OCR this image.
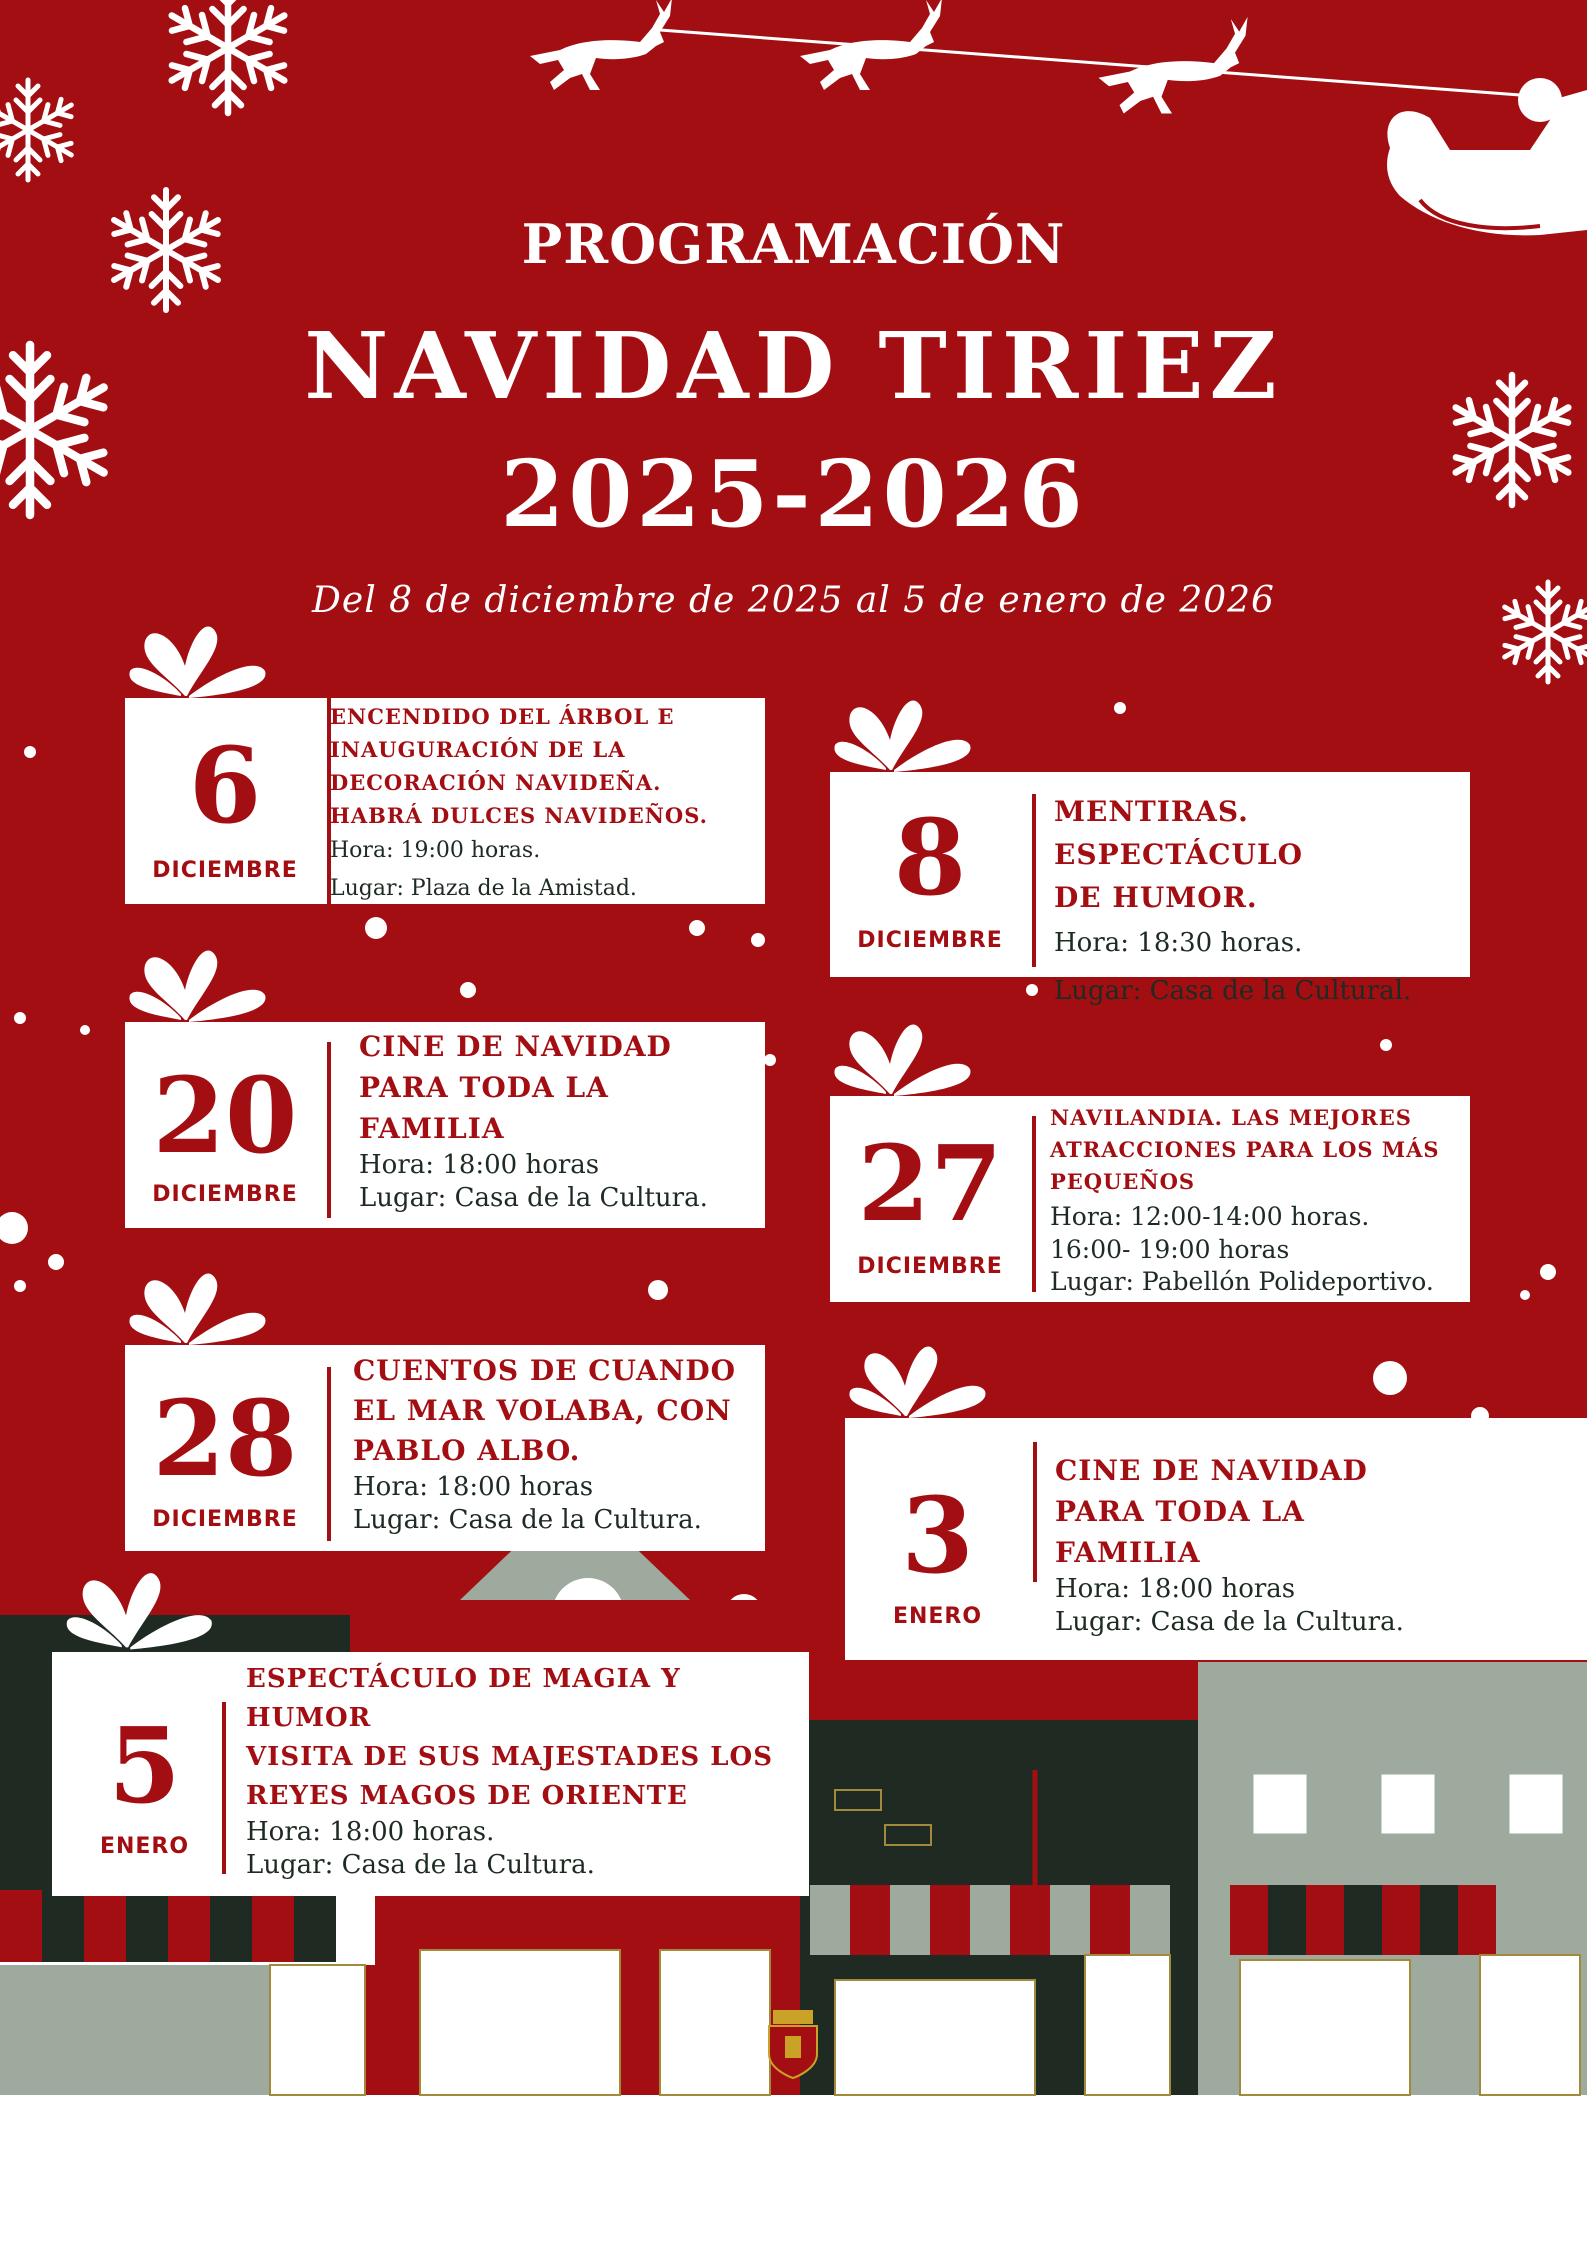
PROGRAMACIÓN

NAVIDAD TIRIEZ

2025-2026

Del 8 de diciembre de 2025 al 5 de enero de 2026

6
DICIEMBRE

ENCENDIDO DEL ÁRBOL E
INAUGURACIÓN DE LA
DECORACIÓN NAVIDEÑA.
HABRÁ DULCES NAVIDEÑOS.

Hora: 19:00 horas.
Lugar: Plaza de la Amistad.	8
DICIEMBRE

MENTIRAS. ESPECTÁCULO
DE HUMOR.

Hora: 18:30 horas.
Lugar: Casa de la Cultural.

20
DICIEMBRE

CINE DE NAVIDAD
PARA TODA LA
FAMILIA

Hora: 18:00 horas
Lugar: Casa de la Cultura.	27
DICIEMBRE

NAVILANDIA. LAS MEJORES
ATRACCIONES PARA LOS MÁS
PEQUEÑOS

Hora: 12:00-14:00 horas.
16:00- 19:00 horas
Lugar: Pabellón Polideportivo.

28
DICIEMBRE

CUENTOS DE CUANDO
EL MAR VOLABA, CON
PABLO ALBO.

Hora: 18:00 horas
Lugar: Casa de la Cultura.	3
ENERO

CINE DE NAVIDAD
PARA TODA LA
FAMILIA

Hora: 18:00 horas
Lugar: Casa de la Cultura.

5
ENERO

ESPECTÁCULO DE MAGIA Y
HUMOR
VISITA DE SUS MAJESTADES LOS
REYES MAGOS DE ORIENTE

Hora: 18:00 horas.
Lugar: Casa de la Cultura.
